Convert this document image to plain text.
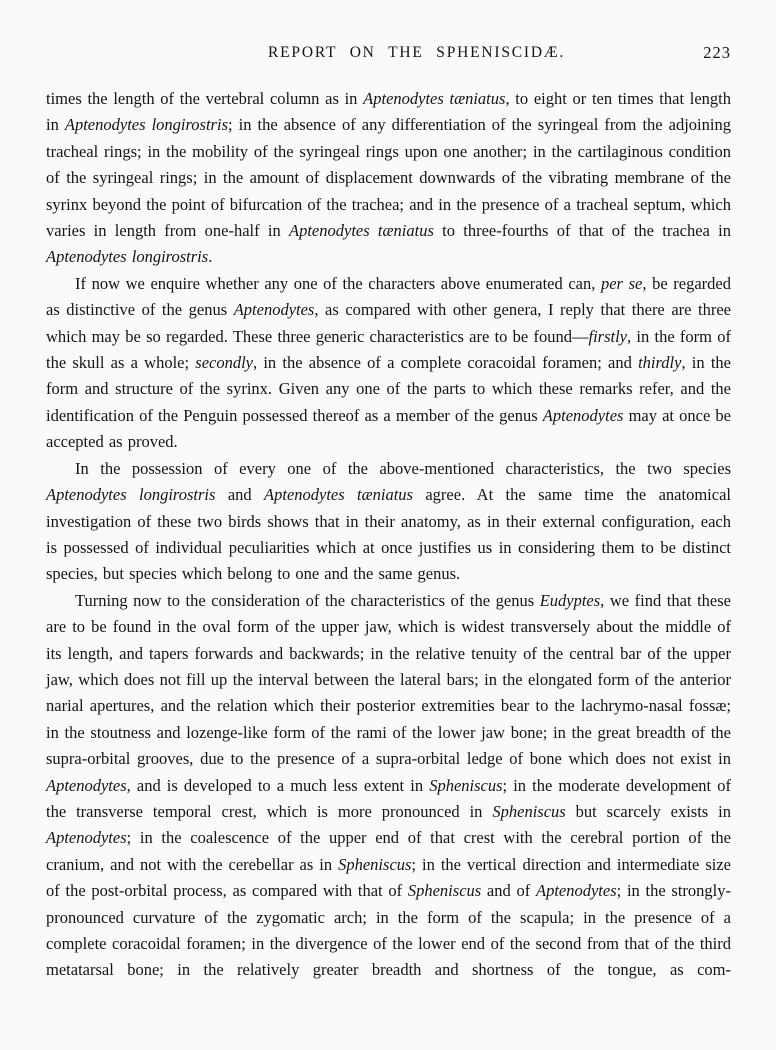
REPORT ON THE SPHENISCIDÆ.	223

times the length of the vertebral column as in Aptenodytes tæniatus, to eight or ten times that length in Aptenodytes longirostris; in the absence of any differentiation of the syringeal from the adjoining tracheal rings; in the mobility of the syringeal rings upon one another; in the cartilaginous condition of the syringeal rings; in the amount of displacement downwards of the vibrating membrane of the syrinx beyond the point of bifurcation of the trachea; and in the presence of a tracheal septum, which varies in length from one-half in Aptenodytes tæniatus to three-fourths of that of the trachea in Aptenodytes longirostris.

If now we enquire whether any one of the characters above enumerated can, per se, be regarded as distinctive of the genus Aptenodytes, as compared with other genera, I reply that there are three which may be so regarded. These three generic characteristics are to be found—firstly, in the form of the skull as a whole; secondly, in the absence of a complete coracoidal foramen; and thirdly, in the form and structure of the syrinx. Given any one of the parts to which these remarks refer, and the identification of the Penguin possessed thereof as a member of the genus Aptenodytes may at once be accepted as proved.

In the possession of every one of the above-mentioned characteristics, the two species Aptenodytes longirostris and Aptenodytes tæniatus agree. At the same time the anatomical investigation of these two birds shows that in their anatomy, as in their external configuration, each is possessed of individual peculiarities which at once justifies us in considering them to be distinct species, but species which belong to one and the same genus.

Turning now to the consideration of the characteristics of the genus Eudyptes, we find that these are to be found in the oval form of the upper jaw, which is widest transversely about the middle of its length, and tapers forwards and backwards; in the relative tenuity of the central bar of the upper jaw, which does not fill up the interval between the lateral bars; in the elongated form of the anterior narial apertures, and the relation which their posterior extremities bear to the lachrymo-nasal fossæ; in the stoutness and lozenge-like form of the rami of the lower jaw bone; in the great breadth of the supra-orbital grooves, due to the presence of a supra-orbital ledge of bone which does not exist in Aptenodytes, and is developed to a much less extent in Spheniscus; in the moderate development of the transverse temporal crest, which is more pronounced in Spheniscus but scarcely exists in Aptenodytes; in the coalescence of the upper end of that crest with the cerebral portion of the cranium, and not with the cerebellar as in Spheniscus; in the vertical direction and intermediate size of the post-orbital process, as compared with that of Spheniscus and of Aptenodytes; in the strongly-pronounced curvature of the zygomatic arch; in the form of the scapula; in the presence of a complete coracoidal foramen; in the divergence of the lower end of the second from that of the third metatarsal bone; in the relatively greater breadth and shortness of the tongue, as com-
